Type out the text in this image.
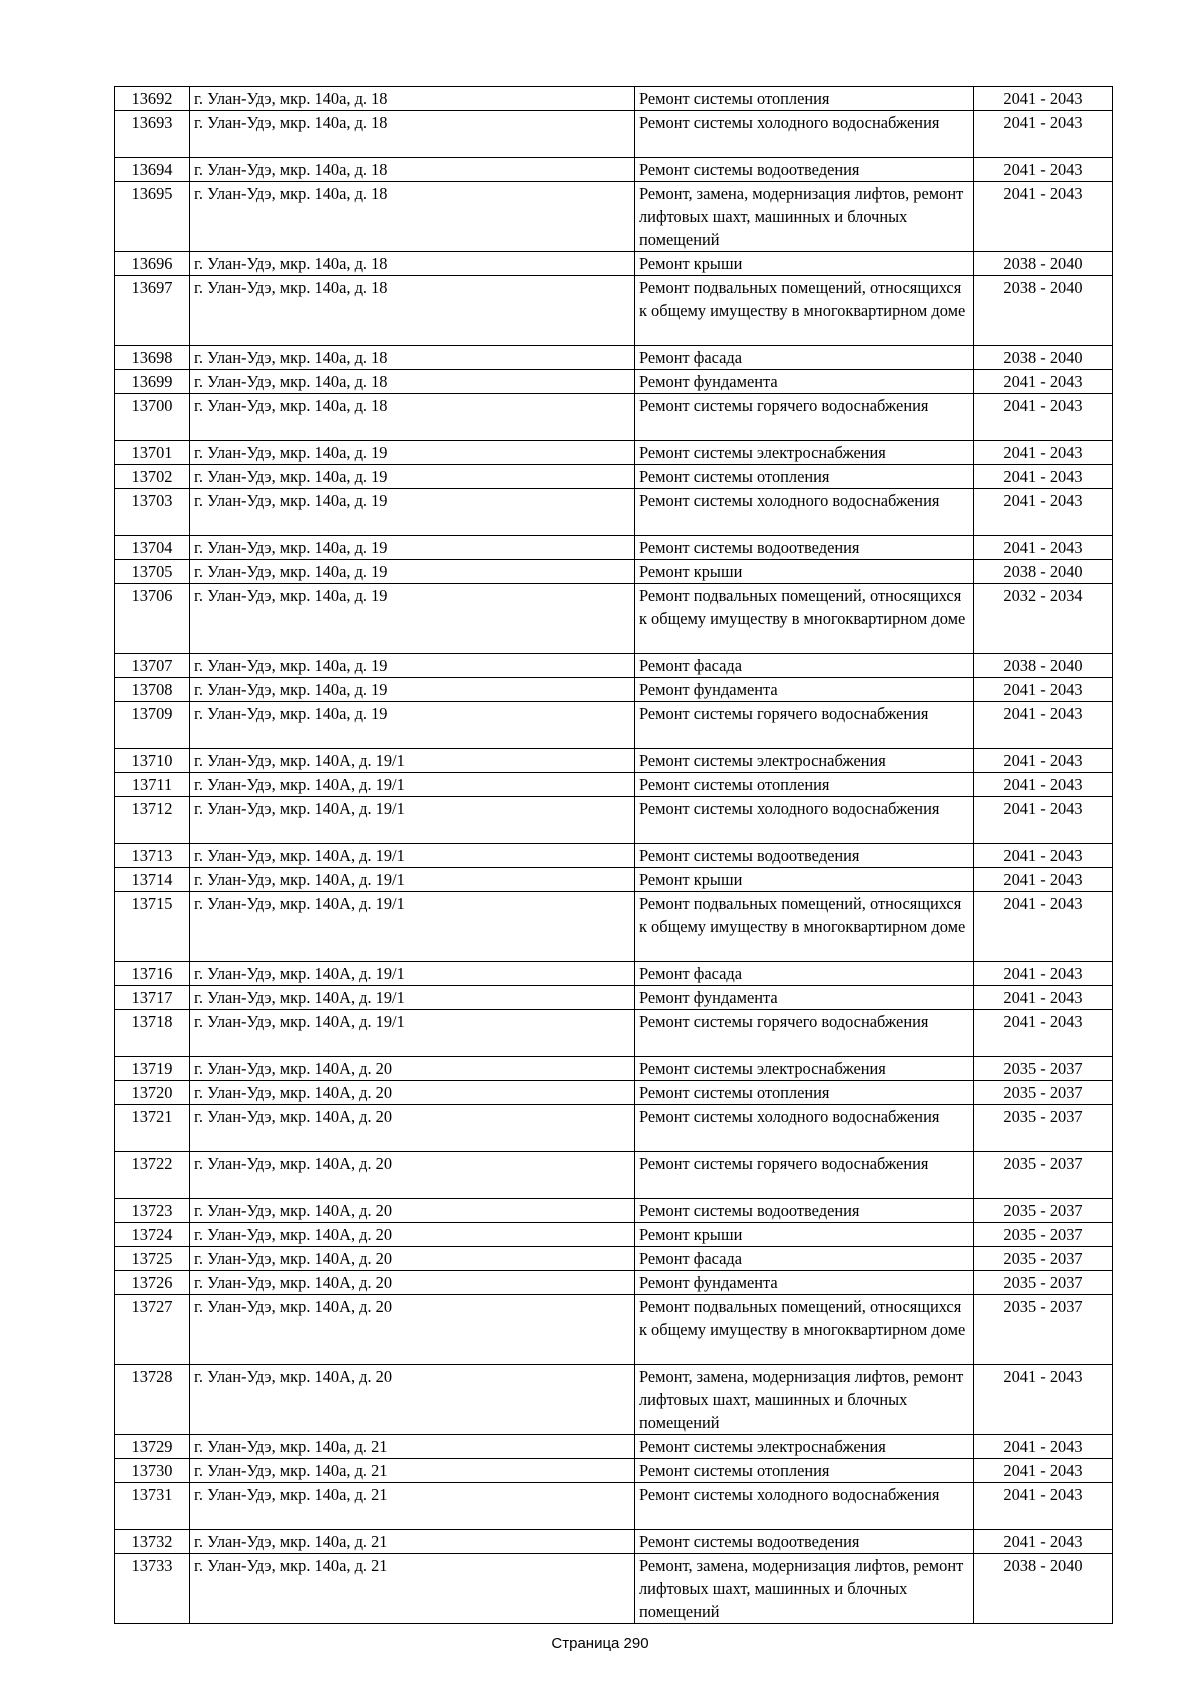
13692	г. Улан-Удэ, мкр. 140а, д. 18	Ремонт системы отопления	2041 - 2043
13693	г. Улан-Удэ, мкр. 140а, д. 18	Ремонт системы холодного водоснабжения	2041 - 2043
13694	г. Улан-Удэ, мкр. 140а, д. 18	Ремонт системы водоотведения	2041 - 2043
13695	г. Улан-Удэ, мкр. 140а, д. 18	Ремонт, замена, модернизация лифтов, ремонт лифтовых шахт, машинных и блочных помещений	2041 - 2043
13696	г. Улан-Удэ, мкр. 140а, д. 18	Ремонт крыши	2038 - 2040
13697	г. Улан-Удэ, мкр. 140а, д. 18	Ремонт подвальных помещений, относящихся к общему имуществу в многоквартирном доме	2038 - 2040
13698	г. Улан-Удэ, мкр. 140а, д. 18	Ремонт фасада	2038 - 2040
13699	г. Улан-Удэ, мкр. 140а, д. 18	Ремонт фундамента	2041 - 2043
13700	г. Улан-Удэ, мкр. 140а, д. 18	Ремонт системы горячего водоснабжения	2041 - 2043
13701	г. Улан-Удэ, мкр. 140а, д. 19	Ремонт системы электроснабжения	2041 - 2043
13702	г. Улан-Удэ, мкр. 140а, д. 19	Ремонт системы отопления	2041 - 2043
13703	г. Улан-Удэ, мкр. 140а, д. 19	Ремонт системы холодного водоснабжения	2041 - 2043
13704	г. Улан-Удэ, мкр. 140а, д. 19	Ремонт системы водоотведения	2041 - 2043
13705	г. Улан-Удэ, мкр. 140а, д. 19	Ремонт крыши	2038 - 2040
13706	г. Улан-Удэ, мкр. 140а, д. 19	Ремонт подвальных помещений, относящихся к общему имуществу в многоквартирном доме	2032 - 2034
13707	г. Улан-Удэ, мкр. 140а, д. 19	Ремонт фасада	2038 - 2040
13708	г. Улан-Удэ, мкр. 140а, д. 19	Ремонт фундамента	2041 - 2043
13709	г. Улан-Удэ, мкр. 140а, д. 19	Ремонт системы горячего водоснабжения	2041 - 2043
13710	г. Улан-Удэ, мкр. 140А, д. 19/1	Ремонт системы электроснабжения	2041 - 2043
13711	г. Улан-Удэ, мкр. 140А, д. 19/1	Ремонт системы отопления	2041 - 2043
13712	г. Улан-Удэ, мкр. 140А, д. 19/1	Ремонт системы холодного водоснабжения	2041 - 2043
13713	г. Улан-Удэ, мкр. 140А, д. 19/1	Ремонт системы водоотведения	2041 - 2043
13714	г. Улан-Удэ, мкр. 140А, д. 19/1	Ремонт крыши	2041 - 2043
13715	г. Улан-Удэ, мкр. 140А, д. 19/1	Ремонт подвальных помещений, относящихся к общему имуществу в многоквартирном доме	2041 - 2043
13716	г. Улан-Удэ, мкр. 140А, д. 19/1	Ремонт фасада	2041 - 2043
13717	г. Улан-Удэ, мкр. 140А, д. 19/1	Ремонт фундамента	2041 - 2043
13718	г. Улан-Удэ, мкр. 140А, д. 19/1	Ремонт системы горячего водоснабжения	2041 - 2043
13719	г. Улан-Удэ, мкр. 140А, д. 20	Ремонт системы электроснабжения	2035 - 2037
13720	г. Улан-Удэ, мкр. 140А, д. 20	Ремонт системы отопления	2035 - 2037
13721	г. Улан-Удэ, мкр. 140А, д. 20	Ремонт системы холодного водоснабжения	2035 - 2037
13722	г. Улан-Удэ, мкр. 140А, д. 20	Ремонт системы горячего водоснабжения	2035 - 2037
13723	г. Улан-Удэ, мкр. 140А, д. 20	Ремонт системы водоотведения	2035 - 2037
13724	г. Улан-Удэ, мкр. 140А, д. 20	Ремонт крыши	2035 - 2037
13725	г. Улан-Удэ, мкр. 140А, д. 20	Ремонт фасада	2035 - 2037
13726	г. Улан-Удэ, мкр. 140А, д. 20	Ремонт фундамента	2035 - 2037
13727	г. Улан-Удэ, мкр. 140А, д. 20	Ремонт подвальных помещений, относящихся к общему имуществу в многоквартирном доме	2035 - 2037
13728	г. Улан-Удэ, мкр. 140А, д. 20	Ремонт, замена, модернизация лифтов, ремонт лифтовых шахт, машинных и блочных помещений	2041 - 2043
13729	г. Улан-Удэ, мкр. 140а, д. 21	Ремонт системы электроснабжения	2041 - 2043
13730	г. Улан-Удэ, мкр. 140а, д. 21	Ремонт системы отопления	2041 - 2043
13731	г. Улан-Удэ, мкр. 140а, д. 21	Ремонт системы холодного водоснабжения	2041 - 2043
13732	г. Улан-Удэ, мкр. 140а, д. 21	Ремонт системы водоотведения	2041 - 2043
13733	г. Улан-Удэ, мкр. 140а, д. 21	Ремонт, замена, модернизация лифтов, ремонт лифтовых шахт, машинных и блочных помещений	2038 - 2040
Страница 290
